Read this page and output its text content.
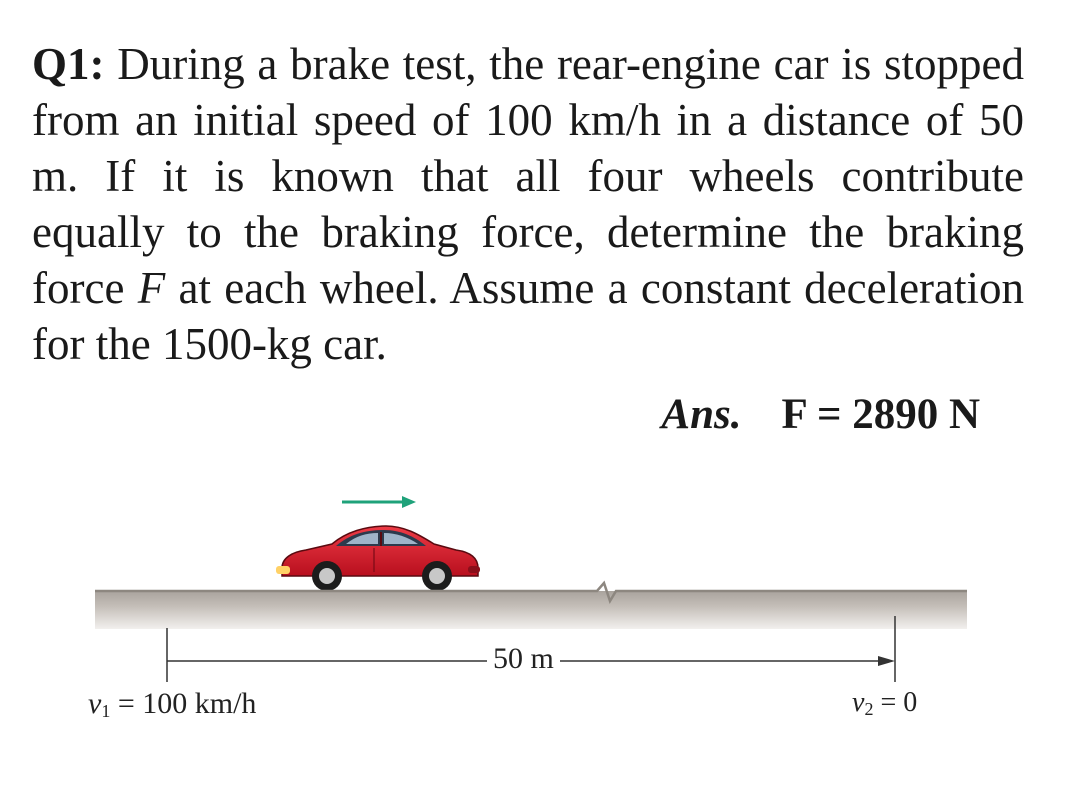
Q1: During a brake test, the rear-engine car is stopped from an initial speed of 100 km/h in a distance of 50 m. If it is known that all four wheels contribute equally to the braking force, determine the braking force F at each wheel. Assume a constant deceleration for the 1500-kg car.

Ans. F = 2890 N
50 m
$v_1 = 100$ km/h	$v_2 = 0$
